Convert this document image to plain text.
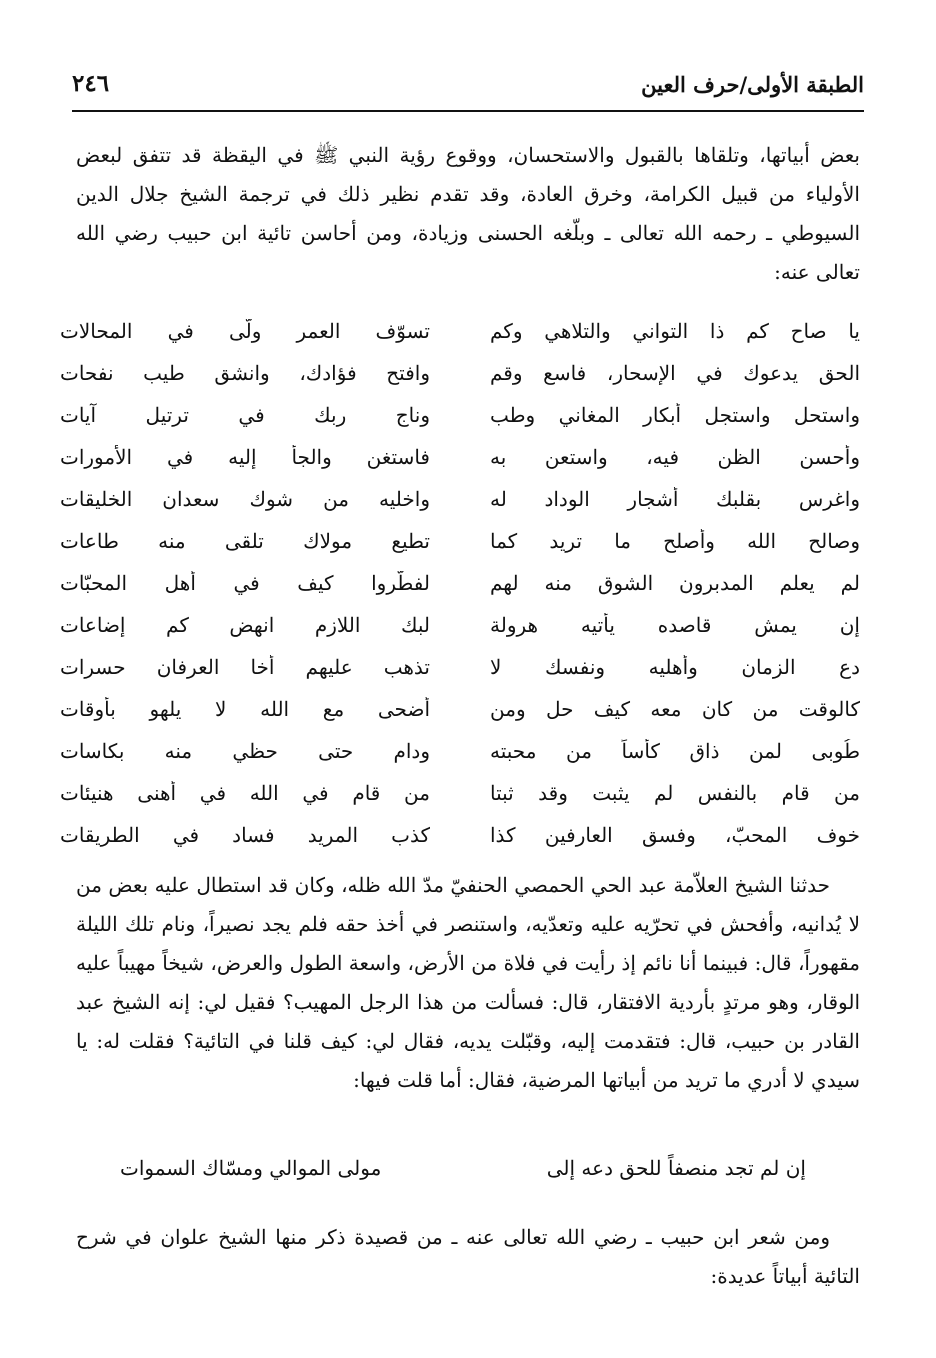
الطبقة الأولى/حرف العين
٢٤٦

بعض أبياتها، وتلقاها بالقبول والاستحسان، ووقوع رؤية النبي ﷺ في اليقظة قد تتفق لبعض الأولياء من قبيل الكرامة، وخرق العادة، وقد تقدم نظير ذلك في ترجمة الشيخ جلال الدين السيوطي ـ رحمه الله تعالى ـ وبلّغه الحسنى وزيادة، ومن أحاسن تائية ابن حبيب رضي الله تعالى عنه:

يا صاح كم ذا التواني والتلاهي وكم
تسوّف العمر ولّى في المحالات
الحق يدعوك في الإسحار، فاسع وقم
وافتح فؤادك، وانشق طيب نفحات
واستحل واستجل أبكار المغاني وطب
وناج ربك في ترتيل آيات
وأحسن الظن فيه، واستعن به
فاستغن والجأ إليه في الأمورات
واغرس بقلبك أشجار الوداد له
واخليه من شوك سعدان الخليقات
وصالح الله وأصلح ما تريد كما
تطيع مولاك تلقى منه طاعات
لم يعلم المدبرون الشوق منه لهم
لفطّروا كيف في أهل المحبّات
إن يمشِ قاصده يأتيه هرولة
لبك اللازم انهض كم إضاعات
دع الزمان وأهليه ونفسك لا
تذهب عليهم أخا العرفان حسرات
كالوقت من كان معه كيف حل ومن
أضحى مع الله لا يلهو بأوقات
طُوبى لمن ذاق كأساً من محبته
ودام حتى حظي منه بكاسات
من قام بالنفس لم يثبت وقد ثبتا
من قام في الله في أهنى هنيئات
خوف المحبّ، وفسق العارفين كذا
كذب المريد فساد في الطريقات

حدثنا الشيخ العلاّمة عبد الحي الحمصي الحنفيّ مدّ الله ظله، وكان قد استطال عليه بعض من لا يُدانيه، وأفحش في تحرّيه عليه وتعدّيه، واستنصر في أخذ حقه فلم يجد نصيراً، ونام تلك الليلة مقهوراً، قال: فبينما أنا نائم إذ رأيت في فلاة من الأرض، واسعة الطول والعرض، شيخاً مهيباً عليه الوقار، وهو مرتدٍ بأردية الافتقار، قال: فسألت من هذا الرجل المهيب؟ فقيل لي: إنه الشيخ عبد القادر بن حبيب، قال: فتقدمت إليه، وقبّلت يديه، فقال لي: كيف قلنا في التائية؟ فقلت له: يا سيدي لا أدري ما تريد من أبياتها المرضية، فقال: أما قلت فيها:

إن لم تجد منصفاً للحق دعه إلى
مولى الموالي ومسّاك السموات

ومن شعر ابن حبيب ـ رضي الله تعالى عنه ـ من قصيدة ذكر منها الشيخ علوان في شرح التائية أبياتاً عديدة:
